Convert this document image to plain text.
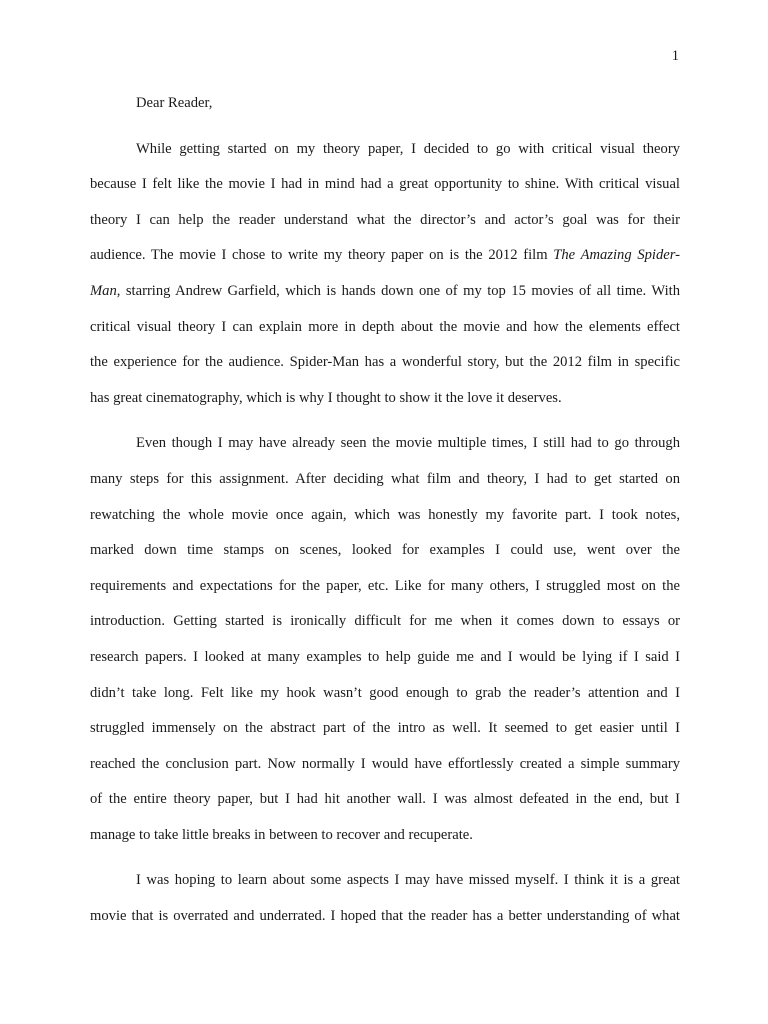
1
Dear Reader,
While getting started on my theory paper, I decided to go with critical visual theory
because I felt like the movie I had in mind had a great opportunity to shine. With critical visual
theory I can help the reader understand what the director’s and actor’s goal was for their
audience. The movie I chose to write my theory paper on is the 2012 film The Amazing Spider-
Man, starring Andrew Garfield, which is hands down one of my top 15 movies of all time. With
critical visual theory I can explain more in depth about the movie and how the elements effect
the experience for the audience. Spider-Man has a wonderful story, but the 2012 film in specific
has great cinematography, which is why I thought to show it the love it deserves.
Even though I may have already seen the movie multiple times, I still had to go through
many steps for this assignment. After deciding what film and theory, I had to get started on
rewatching the whole movie once again, which was honestly my favorite part. I took notes,
marked down time stamps on scenes, looked for examples I could use, went over the
requirements and expectations for the paper, etc. Like for many others, I struggled most on the
introduction. Getting started is ironically difficult for me when it comes down to essays or
research papers. I looked at many examples to help guide me and I would be lying if I said I
didn’t take long. Felt like my hook wasn’t good enough to grab the reader’s attention and I
struggled immensely on the abstract part of the intro as well. It seemed to get easier until I
reached the conclusion part. Now normally I would have effortlessly created a simple summary
of the entire theory paper, but I had hit another wall. I was almost defeated in the end, but I
manage to take little breaks in between to recover and recuperate.
I was hoping to learn about some aspects I may have missed myself. I think it is a great
movie that is overrated and underrated. I hoped that the reader has a better understanding of what
